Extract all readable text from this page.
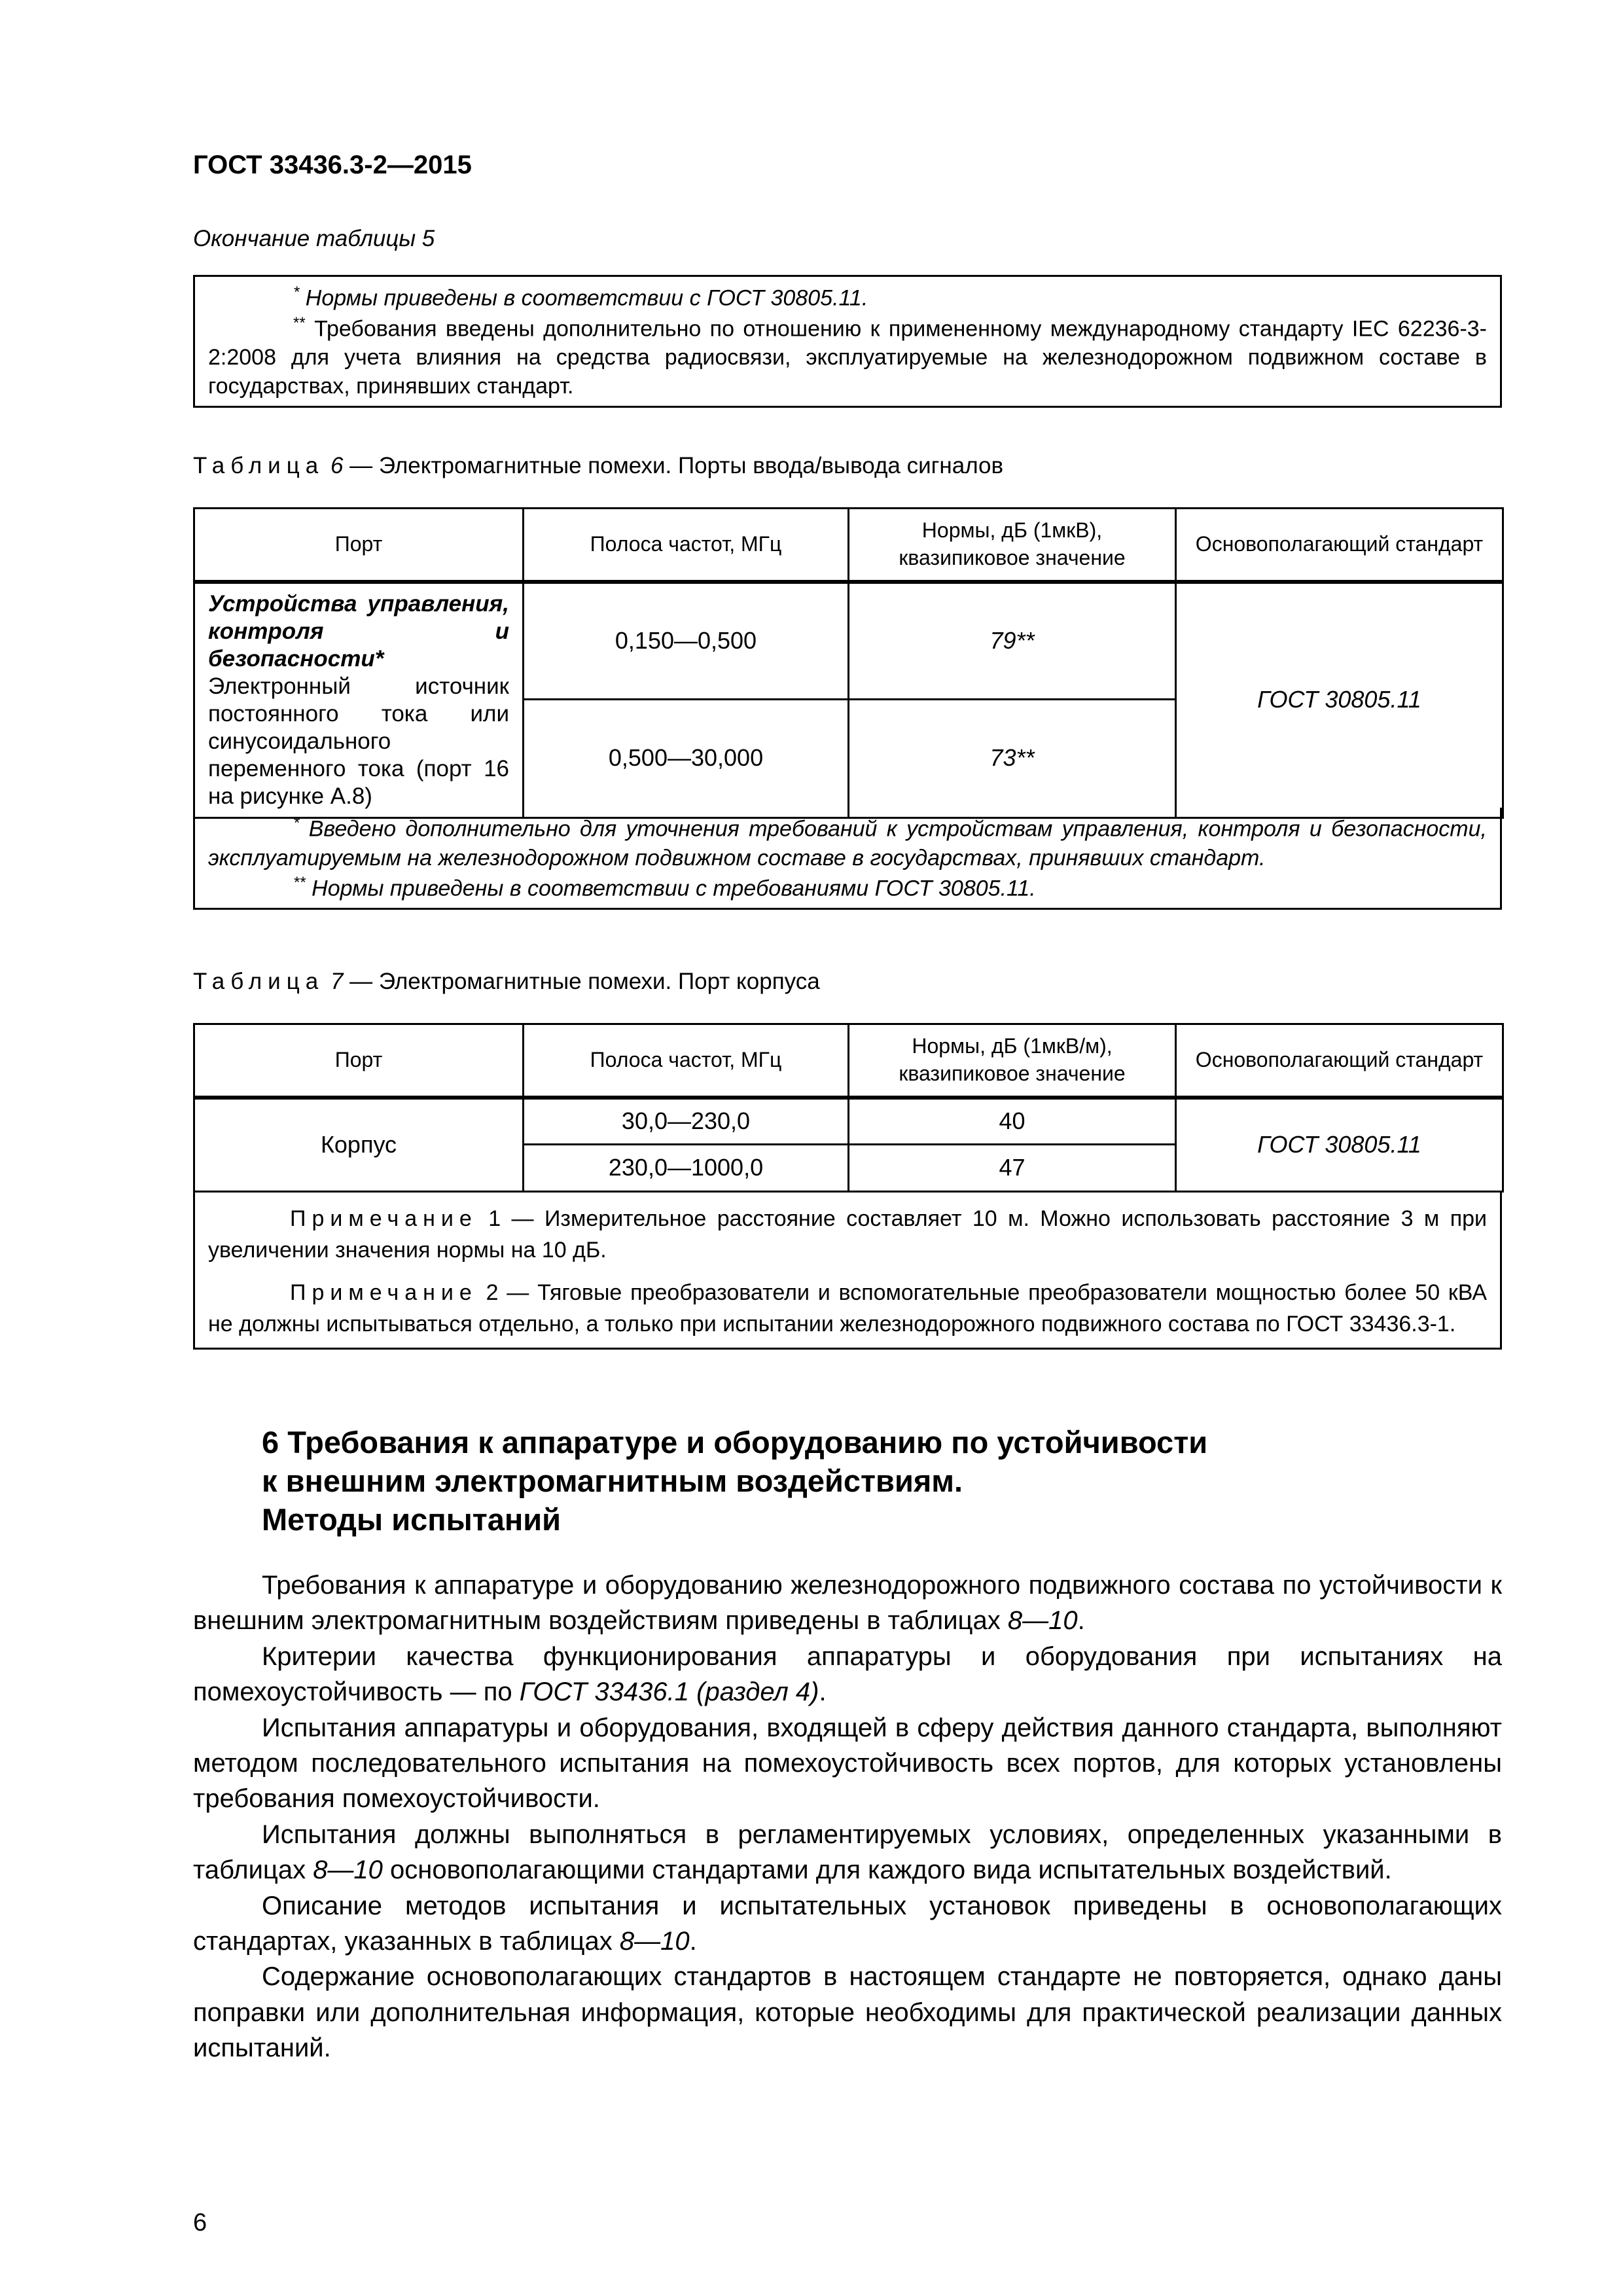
ГОСТ 33436.3-2—2015
Окончание таблицы 5

* Нормы приведены в соответствии с ГОСТ 30805.11.

** Требования введены дополнительно по отношению к примененному международному стандарту IEC 62236-3-2:2008 для учета влияния на средства радиосвязи, эксплуатируемые на железнодорожном подвижном составе в государствах, принявших стандарт.

Таблица 6 — Электромагнитные помехи. Порты ввода/вывода сигналов
Порт	Полоса частот, МГц	Нормы, дБ (1мкВ), квазипиковое значение	Основополагающий стандарт
Устройства управления, контроля и безопасности*
Электронный источник постоянного тока или синусоидального переменного тока (порт 16 на рисунке А.8)	0,150—0,500	79**	ГОСТ 30805.11
	0,500—30,000	73**	

* Введено дополнительно для уточнения требований к устройствам управления, контроля и безопасности, эксплуатируемым на железнодорожном подвижном составе в государствах, принявших стандарт.

** Нормы приведены в соответствии с требованиями ГОСТ 30805.11.

Таблица 7 — Электромагнитные помехи. Порт корпуса
Порт	Полоса частот, МГц	Нормы, дБ (1мкВ/м), квазипиковое значение	Основополагающий стандарт
Корпус	30,0—230,0	40	ГОСТ 30805.11
	230,0—1000,0	47	

Примечание 1 — Измерительное расстояние составляет 10 м. Можно использовать расстояние 3 м при увеличении значения нормы на 10 дБ.

Примечание 2 — Тяговые преобразователи и вспомогательные преобразователи мощностью более 50 кВА не должны испытываться отдельно, а только при испытании железнодорожного подвижного состава по ГОСТ 33436.3-1.

6 Требования к аппаратуре и оборудованию по устойчивости
к внешним электромагнитным воздействиям.
Методы испытаний

Требования к аппаратуре и оборудованию железнодорожного подвижного состава по устойчивости к внешним электромагнитным воздействиям приведены в таблицах 8—10.

Критерии качества функционирования аппаратуры и оборудования при испытаниях на помехоустойчивость — по ГОСТ 33436.1 (раздел 4).

Испытания аппаратуры и оборудования, входящей в сферу действия данного стандарта, выполняют методом последовательного испытания на помехоустойчивость всех портов, для которых установлены требования помехоустойчивости.

Испытания должны выполняться в регламентируемых условиях, определенных указанными в таблицах 8—10 основополагающими стандартами для каждого вида испытательных воздействий.

Описание методов испытания и испытательных установок приведены в основополагающих стандартах, указанных в таблицах 8—10.

Содержание основополагающих стандартов в настоящем стандарте не повторяется, однако даны поправки или дополнительная информация, которые необходимы для практической реализации данных испытаний.

6
